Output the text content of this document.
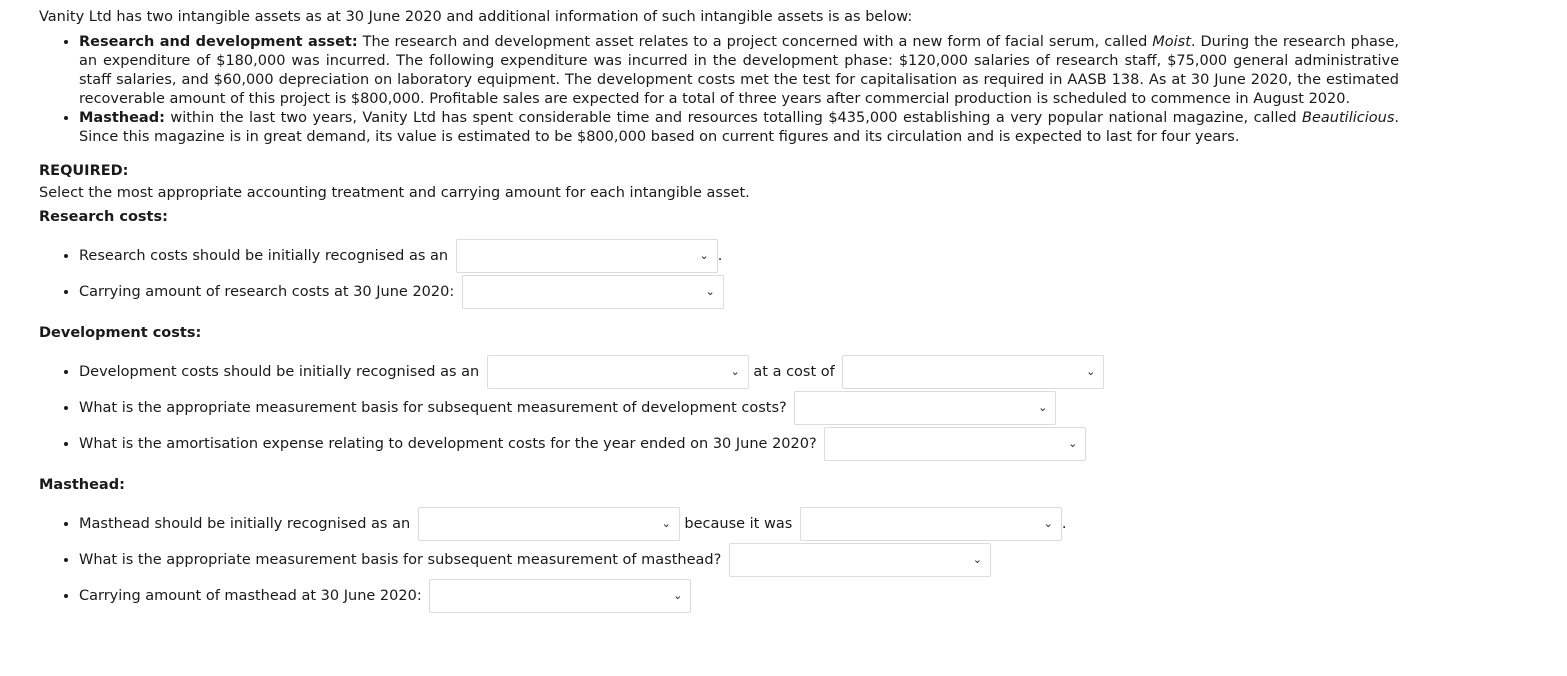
Vanity Ltd has two intangible assets as at 30 June 2020 and additional information of such intangible assets is as below:

• Research and development asset: The research and development asset relates to a project concerned with a new form of facial serum, called Moist. During the research phase, an expenditure of $180,000 was incurred. The following expenditure was incurred in the development phase: $120,000 salaries of research staff, $75,000 general administrative staff salaries, and $60,000 depreciation on laboratory equipment. The development costs met the test for capitalisation as required in AASB 138. As at 30 June 2020, the estimated recoverable amount of this project is $800,000. Profitable sales are expected for a total of three years after commercial production is scheduled to commence in August 2020.
• Masthead: within the last two years, Vanity Ltd has spent considerable time and resources totalling $435,000 establishing a very popular national magazine, called Beautilicious. Since this magazine is in great demand, its value is estimated to be $800,000 based on current figures and its circulation and is expected to last for four years.
REQUIRED:
Select the most appropriate accounting treatment and carrying amount for each intangible asset.
Research costs:
• Research costs should be initially recognised as an	⌄ .
• Carrying amount of research costs at 30 June 2020:	⌄
Development costs:
• Development costs should be initially recognised as an	⌄ at a cost of	⌄
• What is the appropriate measurement basis for subsequent measurement of development costs?	⌄
• What is the amortisation expense relating to development costs for the year ended on 30 June 2020?	⌄
Masthead:
• Masthead should be initially recognised as an	⌄ because it was	⌄ .
• What is the appropriate measurement basis for subsequent measurement of masthead?	⌄
• Carrying amount of masthead at 30 June 2020:	⌄
